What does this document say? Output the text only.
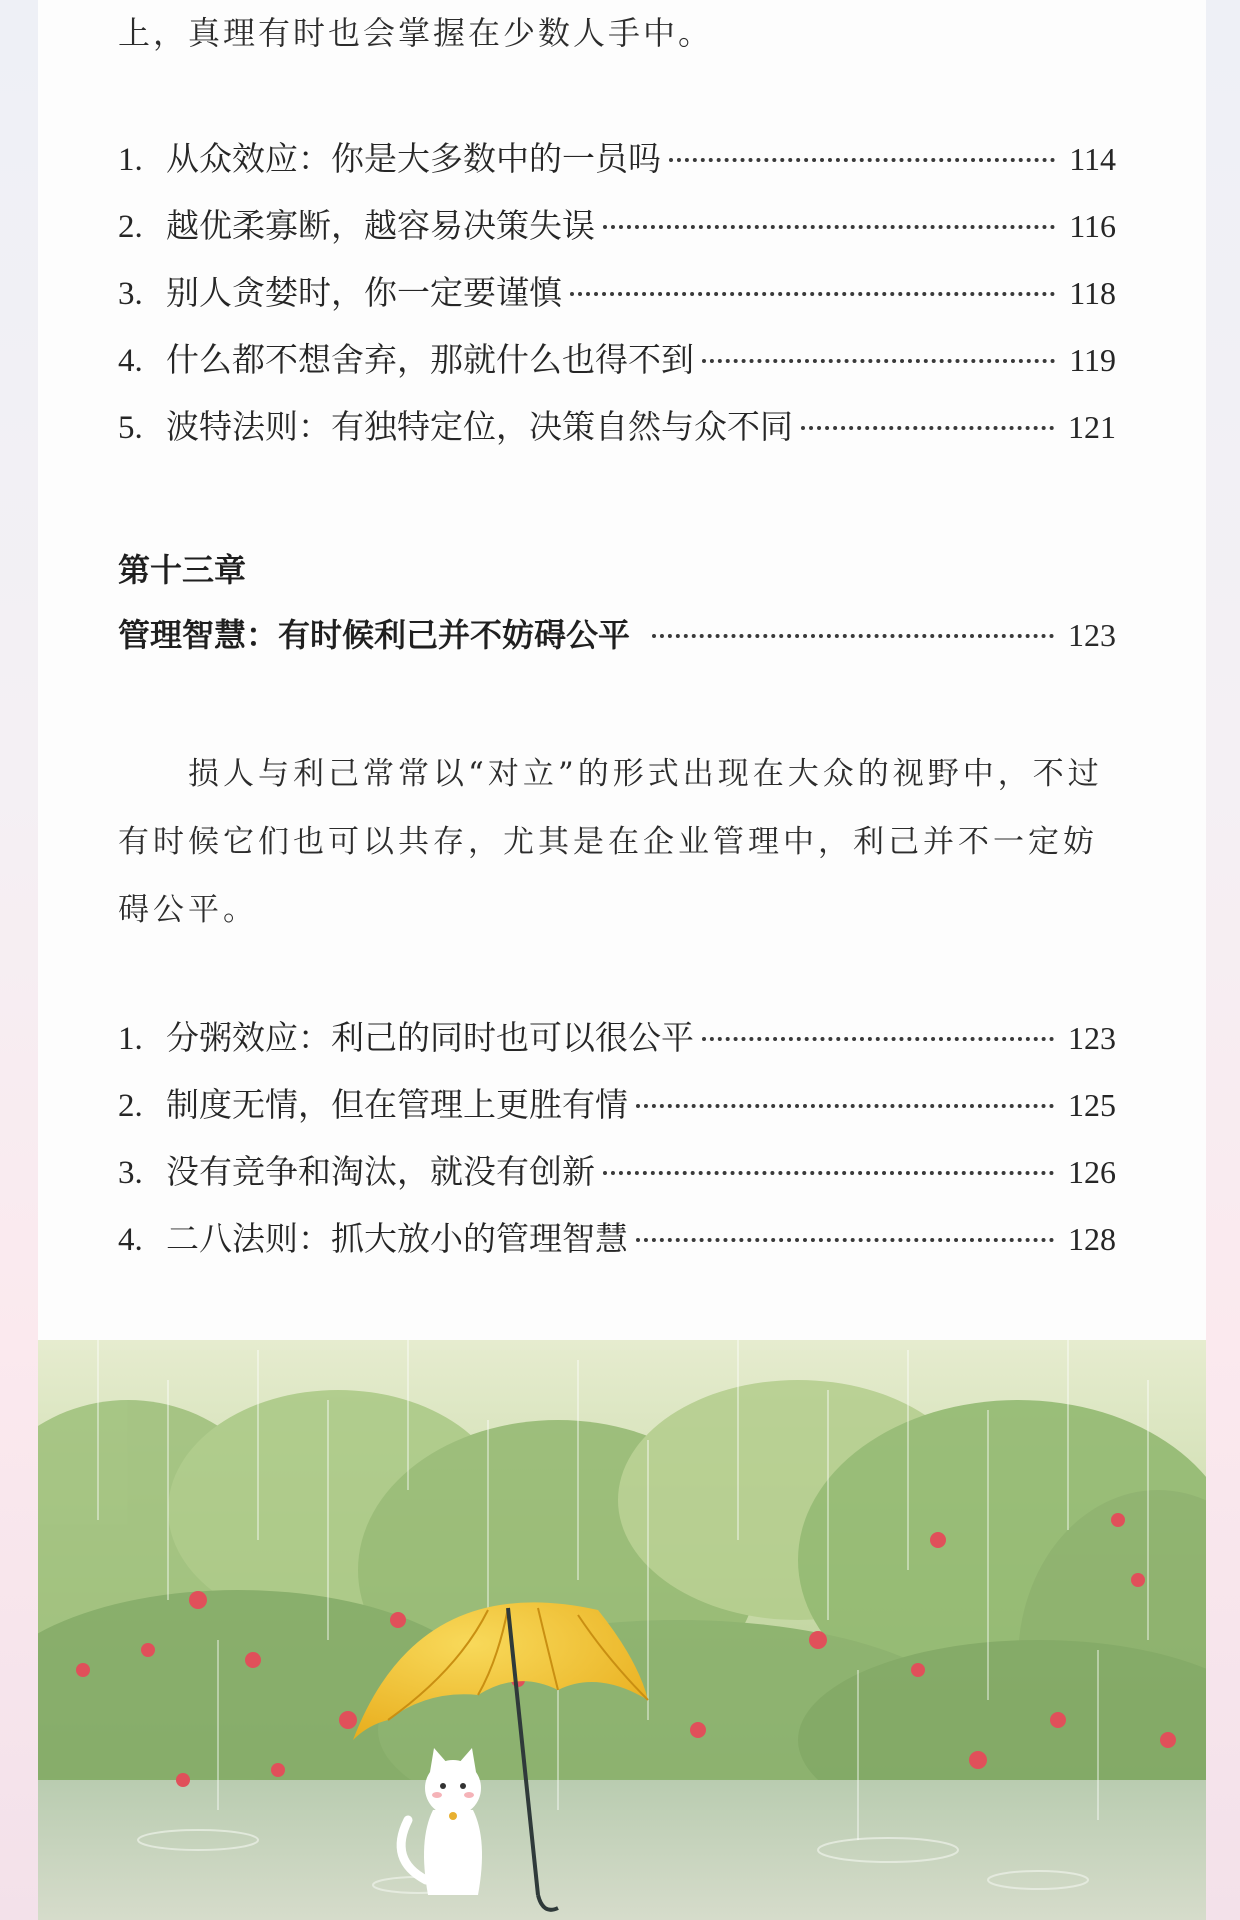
上，真理有时也会掌握在少数人手中。

1. 从众效应：你是大多数中的一员吗	114
2. 越优柔寡断，越容易决策失误	116
3. 别人贪婪时，你一定要谨慎	118
4. 什么都不想舍弃，那就什么也得不到	119
5. 波特法则：有独特定位，决策自然与众不同	121

第十三章

管理智慧：有时候利己并不妨碍公平	123

损人与利己常常以“对立”的形式出现在大众的视野中，不过有时候它们也可以共存，尤其是在企业管理中，利己并不一定妨碍公平。

1. 分粥效应：利己的同时也可以很公平	123
2. 制度无情，但在管理上更胜有情	125
3. 没有竞争和淘汰，就没有创新	126
4. 二八法则：抓大放小的管理智慧	128
